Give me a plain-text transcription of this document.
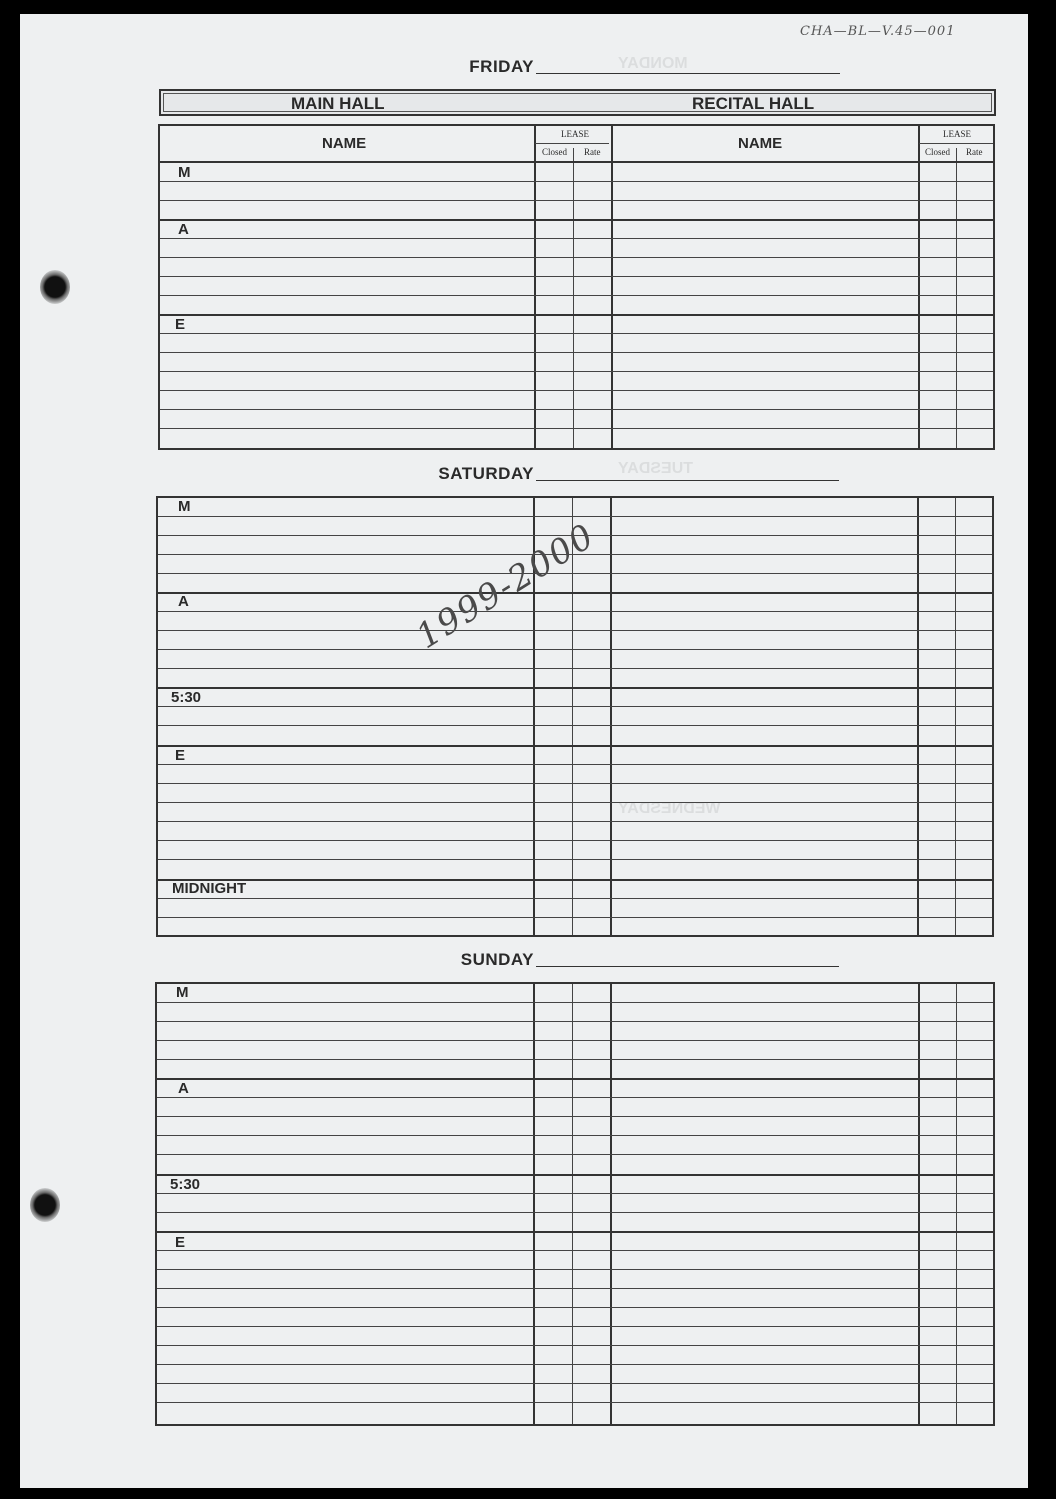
CHA—BL—V.45—001
MONDAY
TUESDAY
WEDNESDAY
FRIDAY
MAIN HALL	RECITAL HALL
NAME
LEASE
Closed Rate	NAME
LEASE
Closed Rate
M
A
E
SATURDAY
M
A
5:30
E
MIDNIGHT
1999-2000
SUNDAY
M
A
5:30
E
